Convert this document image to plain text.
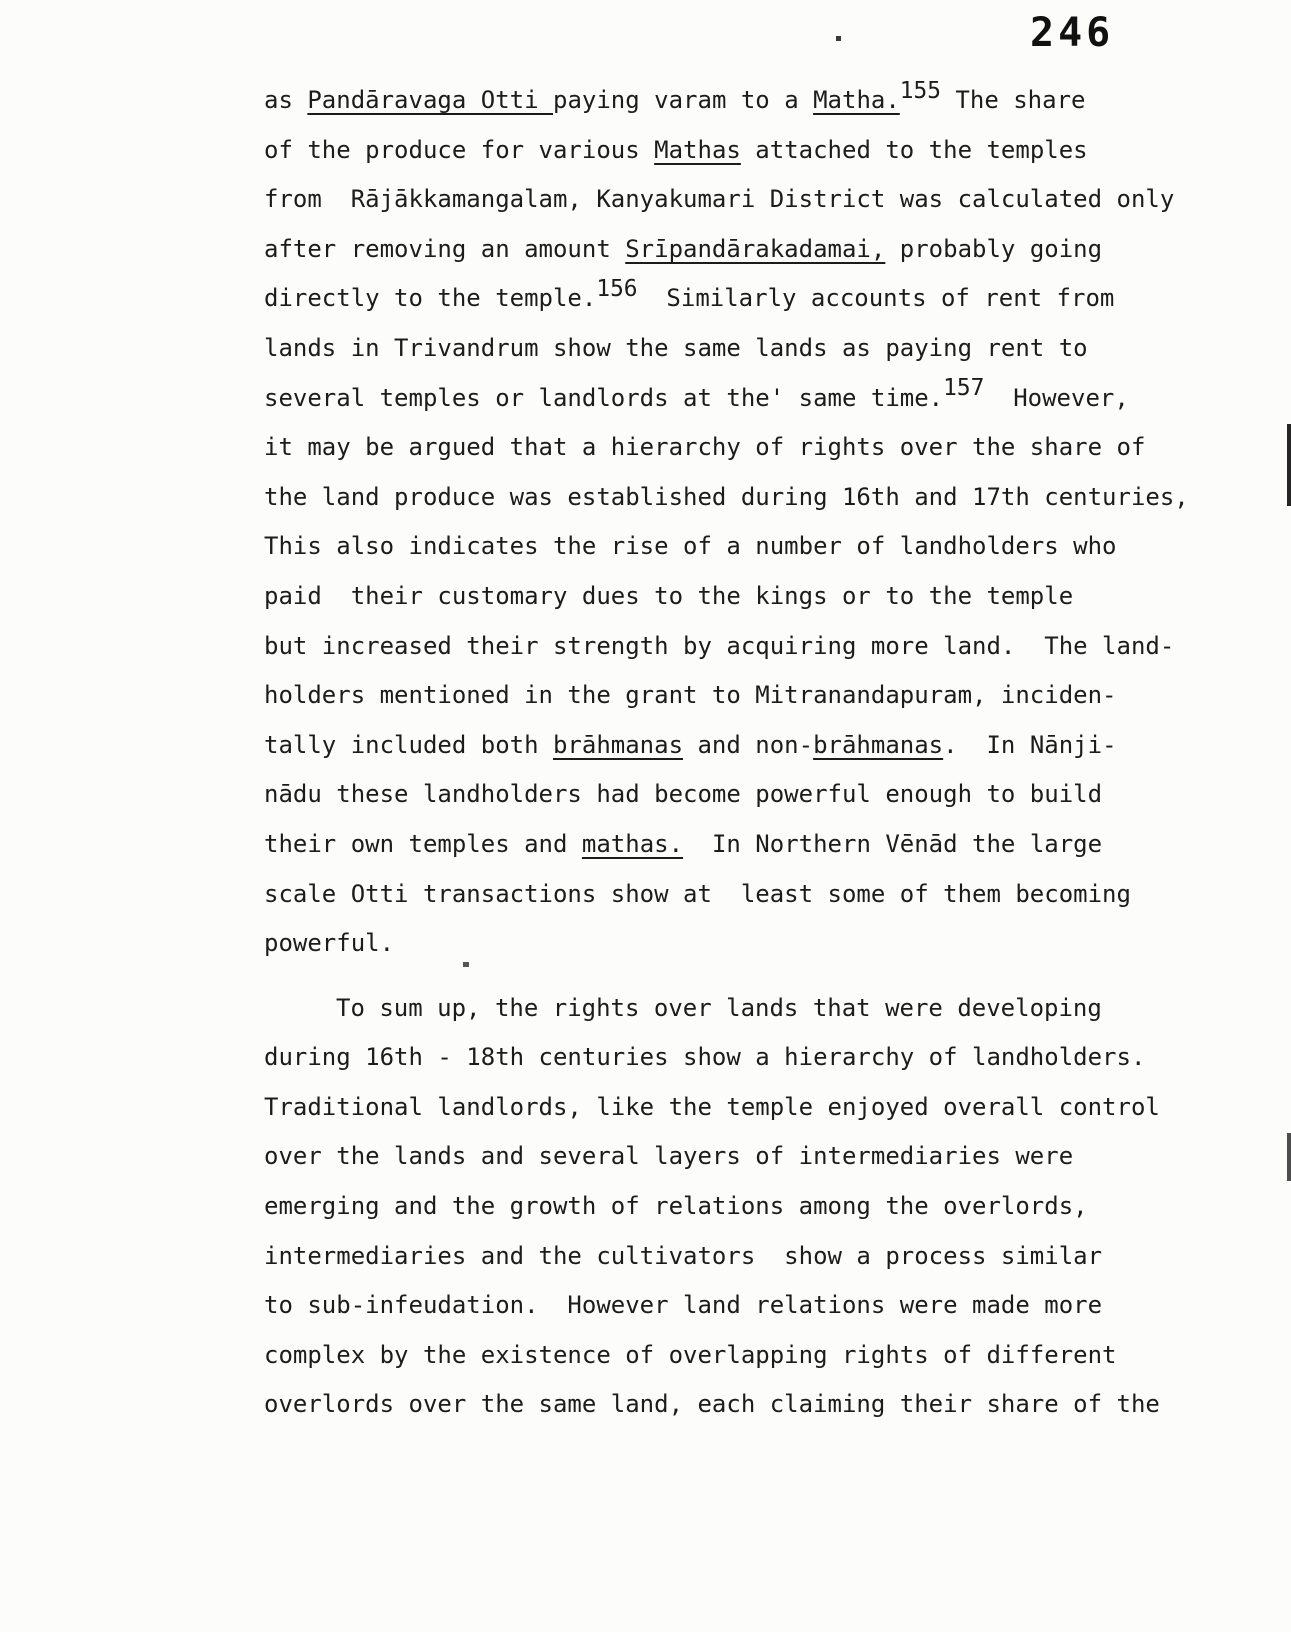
246
as Pandāravaga Otti paying varam to a Matha.155 The share
of the produce for various Mathas attached to the temples
from  Rājākkamangalam, Kanyakumari District was calculated only
after removing an amount Srīpandārakadamai, probably going
directly to the temple.156  Similarly accounts of rent from
lands in Trivandrum show the same lands as paying rent to
several temples or landlords at the' same time.157  However,
it may be argued that a hierarchy of rights over the share of
the land produce was established during 16th and 17th centuries,
This also indicates the rise of a number of landholders who
paid  their customary dues to the kings or to the temple
but increased their strength by acquiring more land.  The land-
holders mentioned in the grant to Mitranandapuram, inciden-
tally included both brāhmanas and non-brāhmanas.  In Nānji-
nādu these landholders had become powerful enough to build
their own temples and mathas.  In Northern Vēnād the large
scale Otti transactions show at  least some of them becoming
powerful.
To sum up, the rights over lands that were developing
during 16th - 18th centuries show a hierarchy of landholders.
Traditional landlords, like the temple enjoyed overall control
over the lands and several layers of intermediaries were
emerging and the growth of relations among the overlords,
intermediaries and the cultivators  show a process similar
to sub-infeudation.  However land relations were made more
complex by the existence of overlapping rights of different
overlords over the same land, each claiming their share of the
